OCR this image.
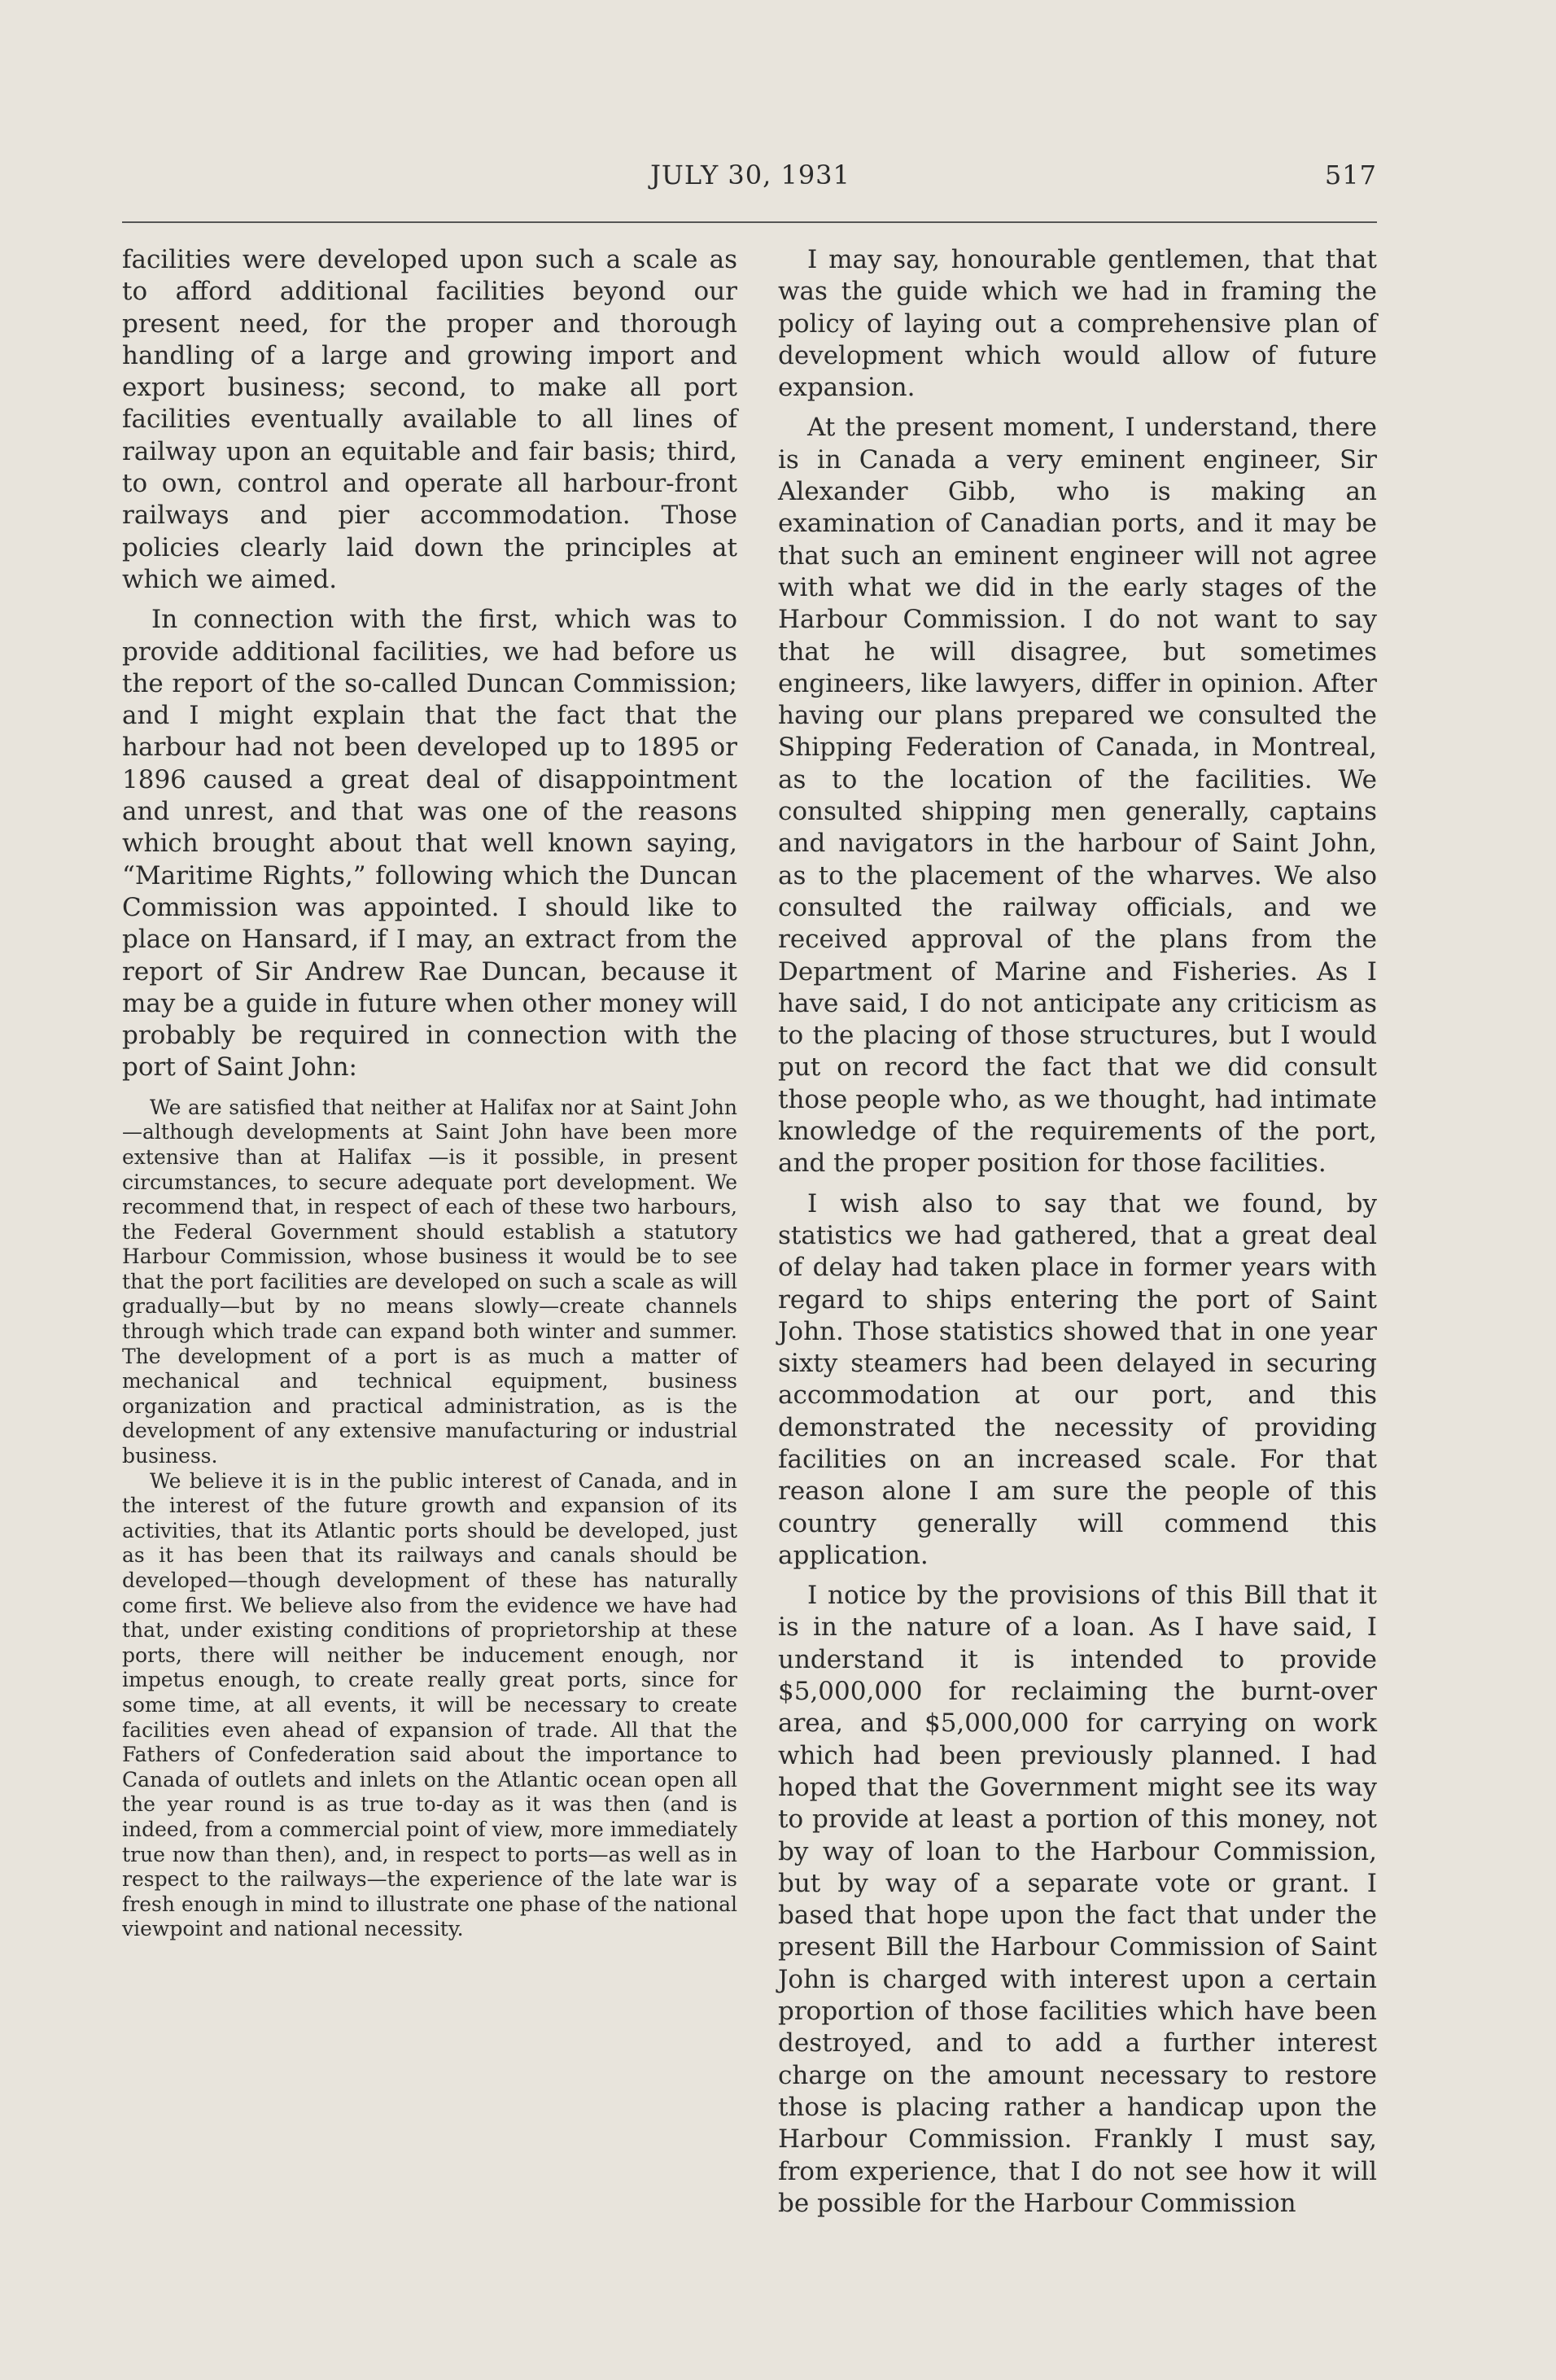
JULY 30, 1931	517

facilities were developed upon such a scale as to afford additional facilities beyond our present need, for the proper and thorough handling of a large and growing import and export business; second, to make all port facilities eventually available to all lines of railway upon an equitable and fair basis; third, to own, control and operate all harbour-front railways and pier accommodation. Those policies clearly laid down the principles at which we aimed.

In connection with the first, which was to provide additional facilities, we had before us the report of the so-called Duncan Commission; and I might explain that the fact that the harbour had not been developed up to 1895 or 1896 caused a great deal of disappointment and unrest, and that was one of the reasons which brought about that well known saying, “Maritime Rights,” following which the Duncan Commission was appointed. I should like to place on Hansard, if I may, an extract from the report of Sir Andrew Rae Duncan, because it may be a guide in future when other money will probably be required in connection with the port of Saint John:

We are satisfied that neither at Halifax nor at Saint John—although developments at Saint John have been more extensive than at Halifax —is it possible, in present circumstances, to secure adequate port development. We recommend that, in respect of each of these two harbours, the Federal Government should establish a statutory Harbour Commission, whose business it would be to see that the port facilities are developed on such a scale as will gradually—but by no means slowly—create channels through which trade can expand both winter and summer. The development of a port is as much a matter of mechanical and technical equipment, business organization and practical administration, as is the development of any extensive manufacturing or industrial business.

We believe it is in the public interest of Canada, and in the interest of the future growth and expansion of its activities, that its Atlantic ports should be developed, just as it has been that its railways and canals should be developed—though development of these has naturally come first. We believe also from the evidence we have had that, under existing conditions of proprietorship at these ports, there will neither be inducement enough, nor impetus enough, to create really great ports, since for some time, at all events, it will be necessary to create facilities even ahead of expansion of trade. All that the Fathers of Confederation said about the importance to Canada of outlets and inlets on the Atlantic ocean open all the year round is as true to-day as it was then (and is indeed, from a commercial point of view, more immediately true now than then), and, in respect to ports—as well as in respect to the railways—the experience of the late war is fresh enough in mind to illustrate one phase of the national viewpoint and national necessity.

I may say, honourable gentlemen, that that was the guide which we had in framing the policy of laying out a comprehensive plan of development which would allow of future expansion.

At the present moment, I understand, there is in Canada a very eminent engineer, Sir Alexander Gibb, who is making an examination of Canadian ports, and it may be that such an eminent engineer will not agree with what we did in the early stages of the Harbour Commission. I do not want to say that he will disagree, but sometimes engineers, like lawyers, differ in opinion. After having our plans prepared we consulted the Shipping Federation of Canada, in Montreal, as to the location of the facilities. We consulted shipping men generally, captains and navigators in the harbour of Saint John, as to the placement of the wharves. We also consulted the railway officials, and we received approval of the plans from the Department of Marine and Fisheries. As I have said, I do not anticipate any criticism as to the placing of those structures, but I would put on record the fact that we did consult those people who, as we thought, had intimate knowledge of the requirements of the port, and the proper position for those facilities.

I wish also to say that we found, by statistics we had gathered, that a great deal of delay had taken place in former years with regard to ships entering the port of Saint John. Those statistics showed that in one year sixty steamers had been delayed in securing accommodation at our port, and this demonstrated the necessity of providing facilities on an increased scale. For that reason alone I am sure the people of this country generally will commend this application.

I notice by the provisions of this Bill that it is in the nature of a loan. As I have said, I understand it is intended to provide $5,000,000 for reclaiming the burnt-over area, and $5,000,000 for carrying on work which had been previously planned. I had hoped that the Government might see its way to provide at least a portion of this money, not by way of loan to the Harbour Commission, but by way of a separate vote or grant. I based that hope upon the fact that under the present Bill the Harbour Commission of Saint John is charged with interest upon a certain proportion of those facilities which have been destroyed, and to add a further interest charge on the amount necessary to restore those is placing rather a handicap upon the Harbour Commission. Frankly I must say, from experience, that I do not see how it will be possible for the Harbour Commission
